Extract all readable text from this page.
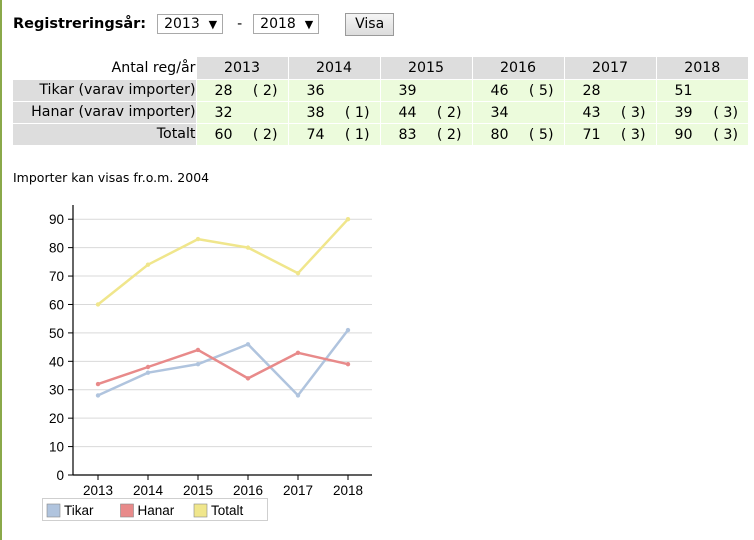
Registreringsår: 2013 ▼ - 2018 ▼	Visa
Antal reg/år	2013	2014	2015	2016	2017	2018
Tikar (varav importer)	28 ( 2)	36	39	46 ( 5)	28	51

Hanar (varav importer)	32	38 ( 1)	44 ( 2)	34	43 ( 3)	39 ( 3)

Totalt	60 ( 2)	74 ( 1)	83 ( 2)	80 ( 5)	71 ( 3)	90 ( 3)
Importer kan visas fr.o.m. 2004
0
10
20
30
40
50
60
70
80
90
2013 2014 2015 2016 2017 2018
Tikar	Hanar	Totalt
